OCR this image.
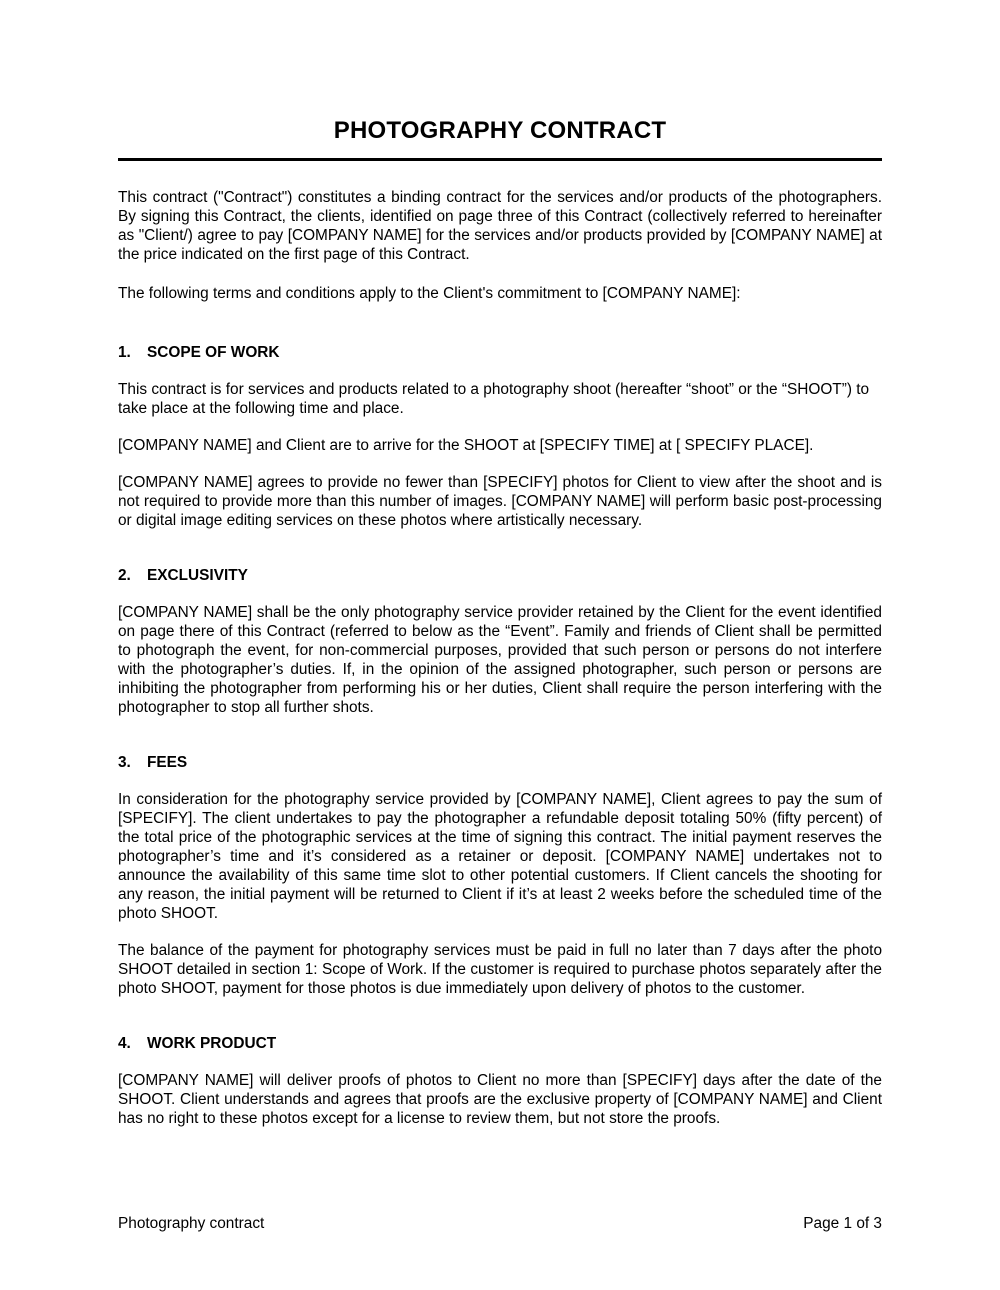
PHOTOGRAPHY CONTRACT

This contract ("Contract") constitutes a binding contract for the services and/or products of the photographers. By signing this Contract, the clients, identified on page three of this Contract (collectively referred to hereinafter as "Client/) agree to pay [COMPANY NAME] for the services and/or products provided by [COMPANY NAME] at the price indicated on the first page of this Contract.

The following terms and conditions apply to the Client's commitment to [COMPANY NAME]:

1.	SCOPE OF WORK

This contract is for services and products related to a photography shoot (hereafter “shoot” or the “SHOOT”) to take place at the following time and place.

[COMPANY NAME] and Client are to arrive for the SHOOT at [SPECIFY TIME] at [ SPECIFY PLACE].

[COMPANY NAME] agrees to provide no fewer than [SPECIFY] photos for Client to view after the shoot and is not required to provide more than this number of images. [COMPANY NAME] will perform basic post-processing or digital image editing services on these photos where artistically necessary.

2.	EXCLUSIVITY

[COMPANY NAME] shall be the only photography service provider retained by the Client for the event identified on page there of this Contract (referred to below as the “Event”. Family and friends of Client shall be permitted to photograph the event, for non-commercial purposes, provided that such person or persons do not interfere with the photographer’s duties. If, in the opinion of the assigned photographer, such person or persons are inhibiting the photographer from performing his or her duties, Client shall require the person interfering with the photographer to stop all further shots.

3.	FEES

In consideration for the photography service provided by [COMPANY NAME], Client agrees to pay the sum of [SPECIFY]. The client undertakes to pay the photographer a refundable deposit totaling 50% (fifty percent) of the total price of the photographic services at the time of signing this contract. The initial payment reserves the photographer’s time and it’s considered as a retainer or deposit. [COMPANY NAME] undertakes not to announce the availability of this same time slot to other potential customers. If Client cancels the shooting for any reason, the initial payment will be returned to Client if it’s at least 2 weeks before the scheduled time of the photo SHOOT.

The balance of the payment for photography services must be paid in full no later than 7 days after the photo SHOOT detailed in section 1: Scope of Work. If the customer is required to purchase photos separately after the photo SHOOT, payment for those photos is due immediately upon delivery of photos to the customer.

4.	WORK PRODUCT

[COMPANY NAME] will deliver proofs of photos to Client no more than [SPECIFY] days after the date of the SHOOT. Client understands and agrees that proofs are the exclusive property of [COMPANY NAME] and Client has no right to these photos except for a license to review them, but not store the proofs.

Photography contract	Page 1 of 3
